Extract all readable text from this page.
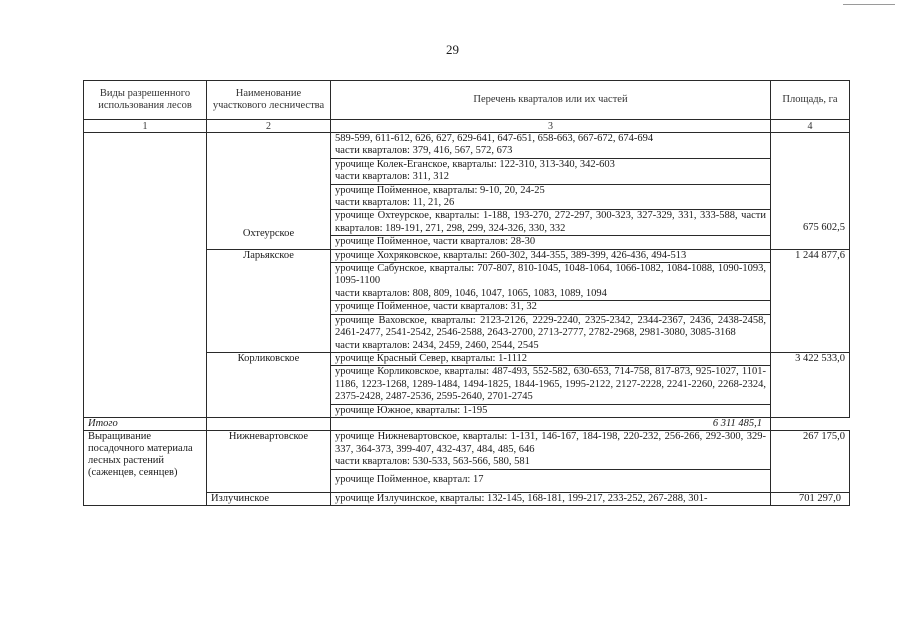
29
Виды разрешенного использования лесов	Наименование участкового лесничества	Перечень кварталов или их частей	Площадь, га
1	2	3	4
	Охтеурское	589-599, 611-612, 626, 627, 629-641, 647-651, 658-663, 667-672, 674-694
части кварталов: 379, 416, 567, 572, 673	675 602,5
		урочище Колек-Еганское, кварталы: 122-310, 313-340, 342-603
части кварталов: 311, 312	
		урочище Пойменное, кварталы: 9-10, 20, 24-25
части кварталов: 11, 21, 26	
		урочище Охтеурское, кварталы: 1-188, 193-270, 272-297, 300-323, 327-329, 331, 333-588, части кварталов: 189-191, 271, 298, 299, 324-326, 330, 332	
		урочище Пойменное, части кварталов: 28-30	
	Ларьякское	урочище Хохряковское, кварталы: 260-302, 344-355, 389-399, 426-436, 494-513	1 244 877,6
		урочище Сабунское, кварталы: 707-807, 810-1045, 1048-1064, 1066-1082, 1084-1088, 1090-1093, 1095-1100
части кварталов: 808, 809, 1046, 1047, 1065, 1083, 1089, 1094	
		урочище Пойменное, части кварталов: 31, 32	
		урочище Ваховское, кварталы: 2123-2126, 2229-2240, 2325-2342, 2344-2367, 2436, 2438-2458, 2461-2477, 2541-2542, 2546-2588, 2643-2700, 2713-2777, 2782-2968, 2981-3080, 3085-3168
части кварталов: 2434, 2459, 2460, 2544, 2545	
	Корликовское	урочище Красный Север, кварталы: 1-1112	3 422 533,0
		урочище Корликовское, кварталы: 487-493, 552-582, 630-653, 714-758, 817-873, 925-1027, 1101-1186, 1223-1268, 1289-1484, 1494-1825, 1844-1965, 1995-2122, 2127-2228, 2241-2260, 2268-2324, 2375-2428, 2487-2536, 2595-2640, 2701-2745	
		урочище Южное, кварталы: 1-195	
Итого		6 311 485,1	
Выращивание посадочного материала лесных растений (саженцев, сеянцев)	Нижневартовское	урочище Нижневартовское, кварталы: 1-131, 146-167, 184-198, 220-232, 256-266, 292-300, 329-337, 364-373, 399-407, 432-437, 484, 485, 646
части кварталов: 530-533, 563-566, 580, 581	267 175,0
		урочище Пойменное, квартал: 17	
	Излучинское	урочище Излучинское, кварталы: 132-145, 168-181, 199-217, 233-252, 267-288, 301-	701 297,0
